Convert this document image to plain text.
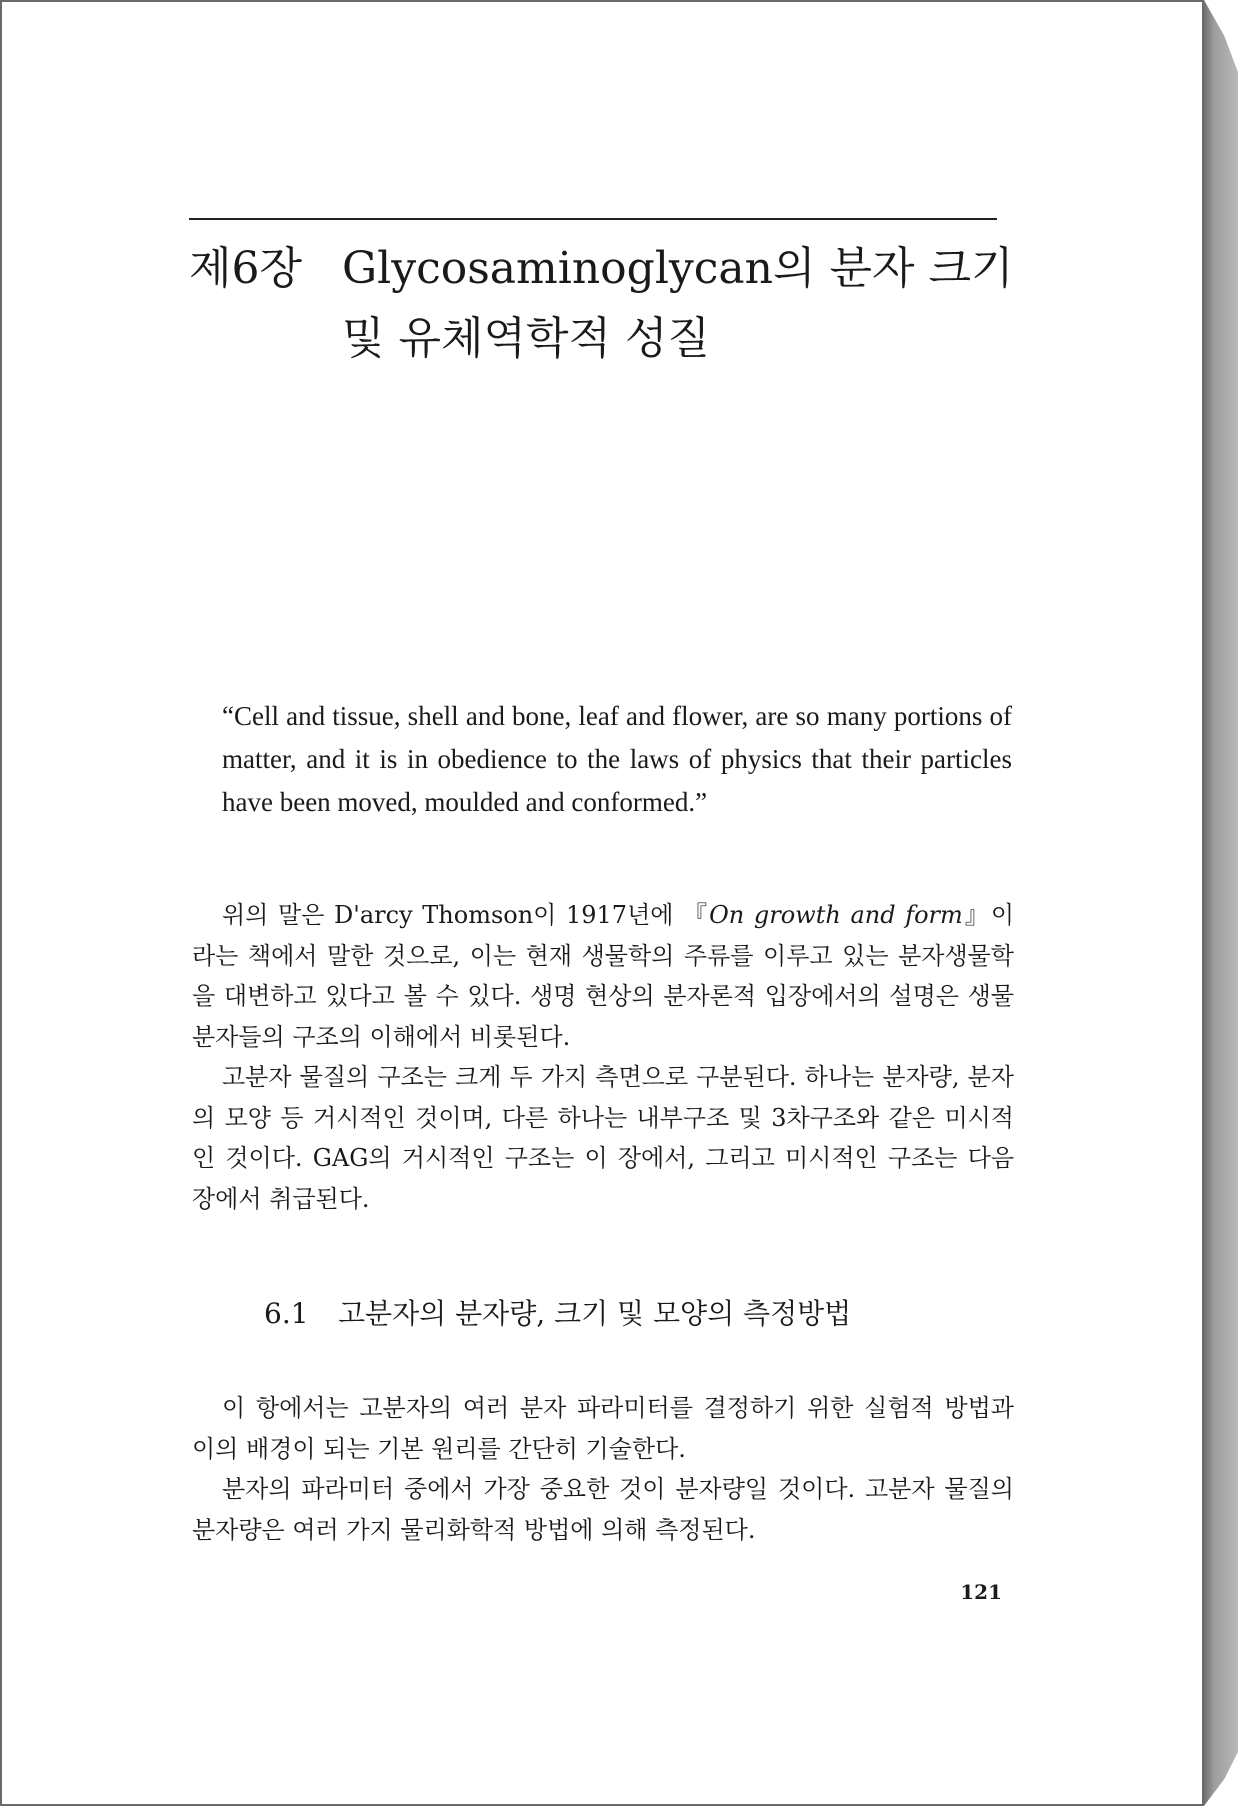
제6장 Glycosaminoglycan의 분자 크기
및 유체역학적 성질

“Cell and tissue, shell and bone, leaf and flower, are so many portions of matter, and it is in obedience to the laws of physics that their particles have been moved, moulded and conformed.”

위의 말은 D'arcy Thomson이 1917년에 『On growth and form』이라는 책에서 말한 것으로, 이는 현재 생물학의 주류를 이루고 있는 분자생물학을 대변하고 있다고 볼 수 있다. 생명 현상의 분자론적 입장에서의 설명은 생물분자들의 구조의 이해에서 비롯된다.

고분자 물질의 구조는 크게 두 가지 측면으로 구분된다. 하나는 분자량, 분자의 모양 등 거시적인 것이며, 다른 하나는 내부구조 및 3차구조와 같은 미시적인 것이다. GAG의 거시적인 구조는 이 장에서, 그리고 미시적인 구조는 다음 장에서 취급된다.

6.1 고분자의 분자량, 크기 및 모양의 측정방법

이 항에서는 고분자의 여러 분자 파라미터를 결정하기 위한 실험적 방법과 이의 배경이 되는 기본 원리를 간단히 기술한다.

분자의 파라미터 중에서 가장 중요한 것이 분자량일 것이다. 고분자 물질의 분자량은 여러 가지 물리화학적 방법에 의해 측정된다.

121
